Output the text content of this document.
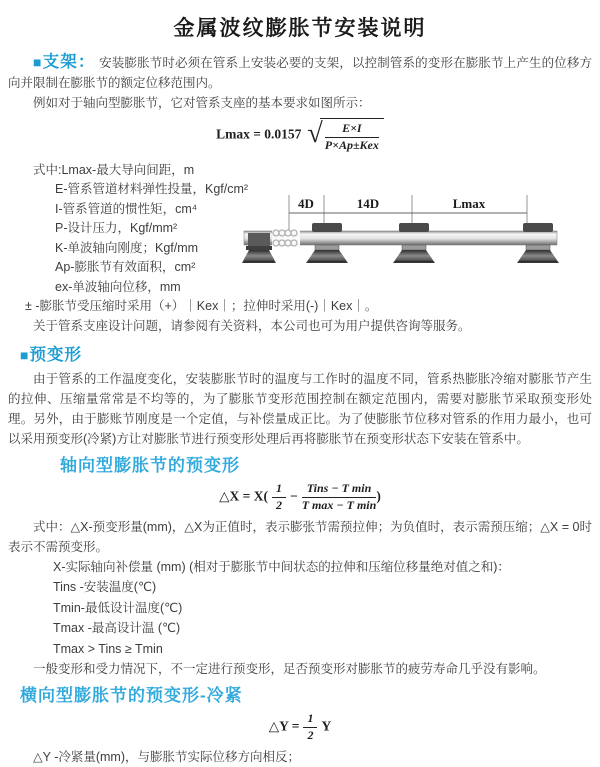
金属波纹膨胀节安装说明

■支架： 安装膨胀节时必须在管系上安装必要的支架，以控制管系的变形在膨胀节上产生的位移方向并限制在膨胀节的额定位移范围内。

例如对于轴向型膨胀节，它对管系支座的基本要求如图所示：

Lmax = 0.0157 √ $\frac{E\times I}{\text{P×Ap±Kex}}$
式中:Lmax-最大导向间距，m
E-管系管道材料弹性投量，Kgf/cm²
I-管系管道的惯性矩，cm⁴
P-设计压力，Kgf/mm²
K-单波轴向刚度；Kgf/mm
Ap-膨胀节有效面积，cm²
ex-单波轴向位移，mm
± -膨胀节受压缩时采用（+）｜Kex｜；拉伸时采用(-)｜Kex｜。
关于管系支座设计问题，请参阅有关资料，本公司也可为用户提供咨询等服务。
4D	14D	Lmax

■预变形

由于管系的工作温度变化，安装膨胀节时的温度与工作时的温度不同，管系热膨胀冷缩对膨胀节产生的拉伸、压缩量常常是不均等的，为了膨胀节变形范围控制在额定范围内，需要对膨胀节采取预变形处理。另外，由于膨账节刚度是一个定值，与补偿量成正比。为了使膨胀节位移对管系的作用力最小，也可以采用预变形(冷紧)方让对膨胀节进行预变形处理后再将膨胀节在预变形状态下安装在管系中。

轴向型膨胀节的预变形
△X = $X( \frac{1}{2} - \frac{\text{Tins − T min}}{\text{T max − T min}}$ )

式中：△X-预变形量(mm)，△X为正值时，表示膨张节需预拉伸；为负值时，表示需预压缩；△X = 0时表示不需预变形。

X-实际轴向补偿量 (mm) (相对于膨胀节中间状态的拉伸和压缩位移量绝对值之和)：
Tins -安装温度(℃)
Tmin-最低设计温度(℃)
Tmax -最高设计温 (℃)
Tmax > Tins ≥ Tmin

一般变形和受力情况下，不一定进行预变形，足否预变形对膨胀节的疲劳寿命几乎没有影响。

横向型膨胀节的预变形-冷紧
△Y = $\frac{1}{2}$ Y

△Y -冷紧量(mm)，与膨胀节实际位移方向相反；
